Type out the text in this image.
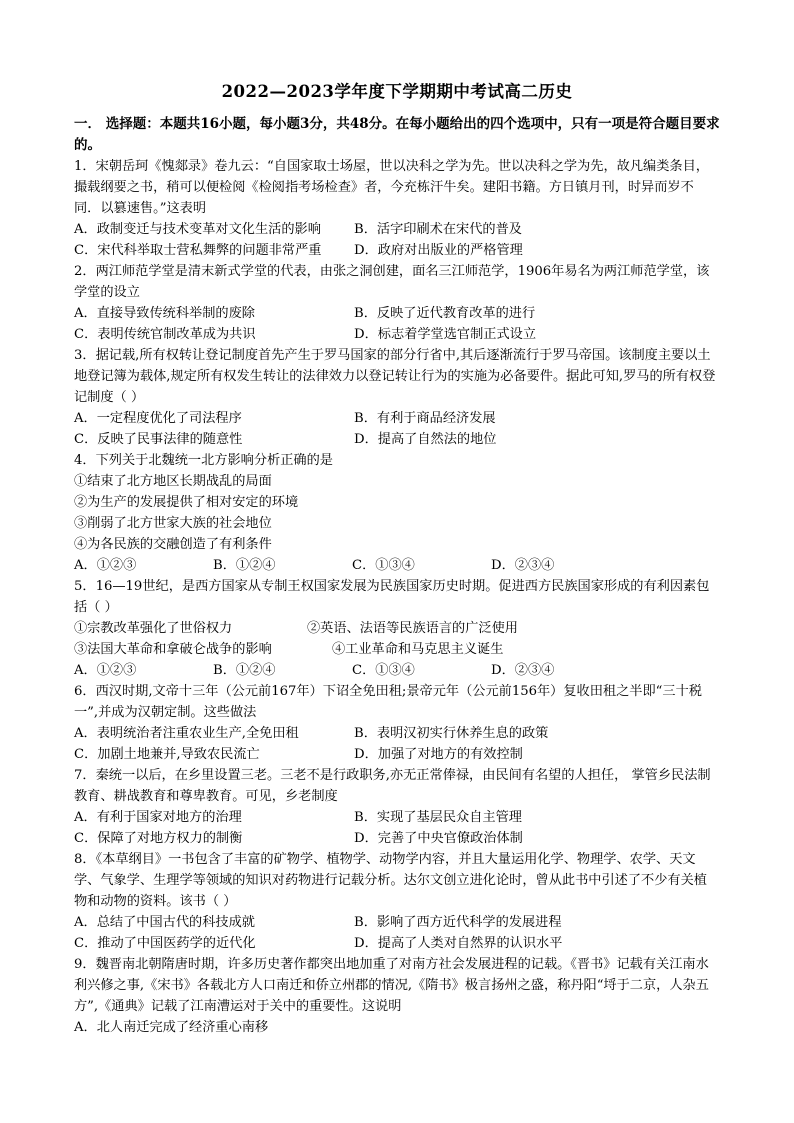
2022—2023学年度下学期期中考试高二历史
一． 选择题：本题共16小题，每小题3分，共48分。在每小题给出的四个选项中，只有一项是符合题目要求的。
1．宋朝岳珂《愧郯录》卷九云：“自国家取士场屋，世以决科之学为先。世以决科之学为先，故凡编类条目，撮载纲要之书，稍可以便检阅《检阅指考场检查》者，今充栋汗牛矣。建阳书籍。方日镇月刊，时异而岁不同．以篡速售。”这表明
A．政制变迁与技术变革对文化生活的影响	B．活字印刷术在宋代的普及
C．宋代科举取士营私舞弊的问题非常严重	D．政府对出版业的严格管理
2．两江师范学堂是清末新式学堂的代表，由张之洞创建，面名三江师范学，1906年易名为两江师范学堂，该学堂的设立
A．直接导致传统科举制的废除	B．反映了近代教育改革的进行
C．表明传统官制改革成为共识	D．标志着学堂选官制正式设立
3．据记载,所有权转让登记制度首先产生于罗马国家的部分行省中,其后逐渐流行于罗马帝国。该制度主要以土地登记簿为载体,规定所有权发生转让的法律效力以登记转让行为的实施为必备要件。据此可知,罗马的所有权登记制度（ ）
A．一定程度优化了司法程序	B．有利于商品经济发展
C．反映了民事法律的随意性	D．提高了自然法的地位
4．下列关于北魏统一北方影响分析正确的是
①结束了北方地区长期战乱的局面
②为生产的发展提供了相对安定的环境
③削弱了北方世家大族的社会地位
④为各民族的交融创造了有利条件
A．①②③	B．①②④	C．①③④	D．②③④
5．16—19世纪，是西方国家从专制王权国家发展为民族国家历史时期。促进西方民族国家形成的有利因素包括（ ）
①宗教改革强化了世俗权力	②英语、法语等民族语言的广泛使用
③法国大革命和拿破仑战争的影响	④工业革命和马克思主义诞生
A．①②③	B．①②④	C．①③④	D．②③④
6．西汉时期,文帝十三年（公元前167年）下诏全免田租;景帝元年（公元前156年）复收田租之半即“三十税一”,并成为汉朝定制。这些做法
A．表明统治者注重农业生产,全免田租	B．表明汉初实行休养生息的政策
C．加剧土地兼并,导致农民流亡	D．加强了对地方的有效控制
7．秦统一以后，在乡里设置三老。三老不是行政职务,亦无正常俸禄，由民间有名望的人担任， 掌管乡民法制教育、耕战教育和尊卑教育。可见，乡老制度
A．有利于国家对地方的治理	B．实现了基层民众自主管理
C．保障了对地方权力的制衡	D．完善了中央官僚政治体制
8．《本草纲目》一书包含了丰富的矿物学、植物学、动物学内容，并且大量运用化学、物理学、农学、天文学、气象学、生理学等领域的知识对药物进行记载分析。达尔文创立进化论时，曾从此书中引述了不少有关植物和动物的资料。该书（ ）
A．总结了中国古代的科技成就	B．影响了西方近代科学的发展进程
C．推动了中国医药学的近代化	D．提高了人类对自然界的认识水平
9．魏晋南北朝隋唐时期，许多历史著作都突出地加重了对南方社会发展进程的记载。《晋书》记载有关江南水利兴修之事,《宋书》各载北方人口南迁和侨立州郡的情况,《隋书》极言扬州之盛，称丹阳“埒于二京，人杂五方”,《通典》记载了江南漕运对于关中的重要性。这说明
A．北人南迁完成了经济重心南移
